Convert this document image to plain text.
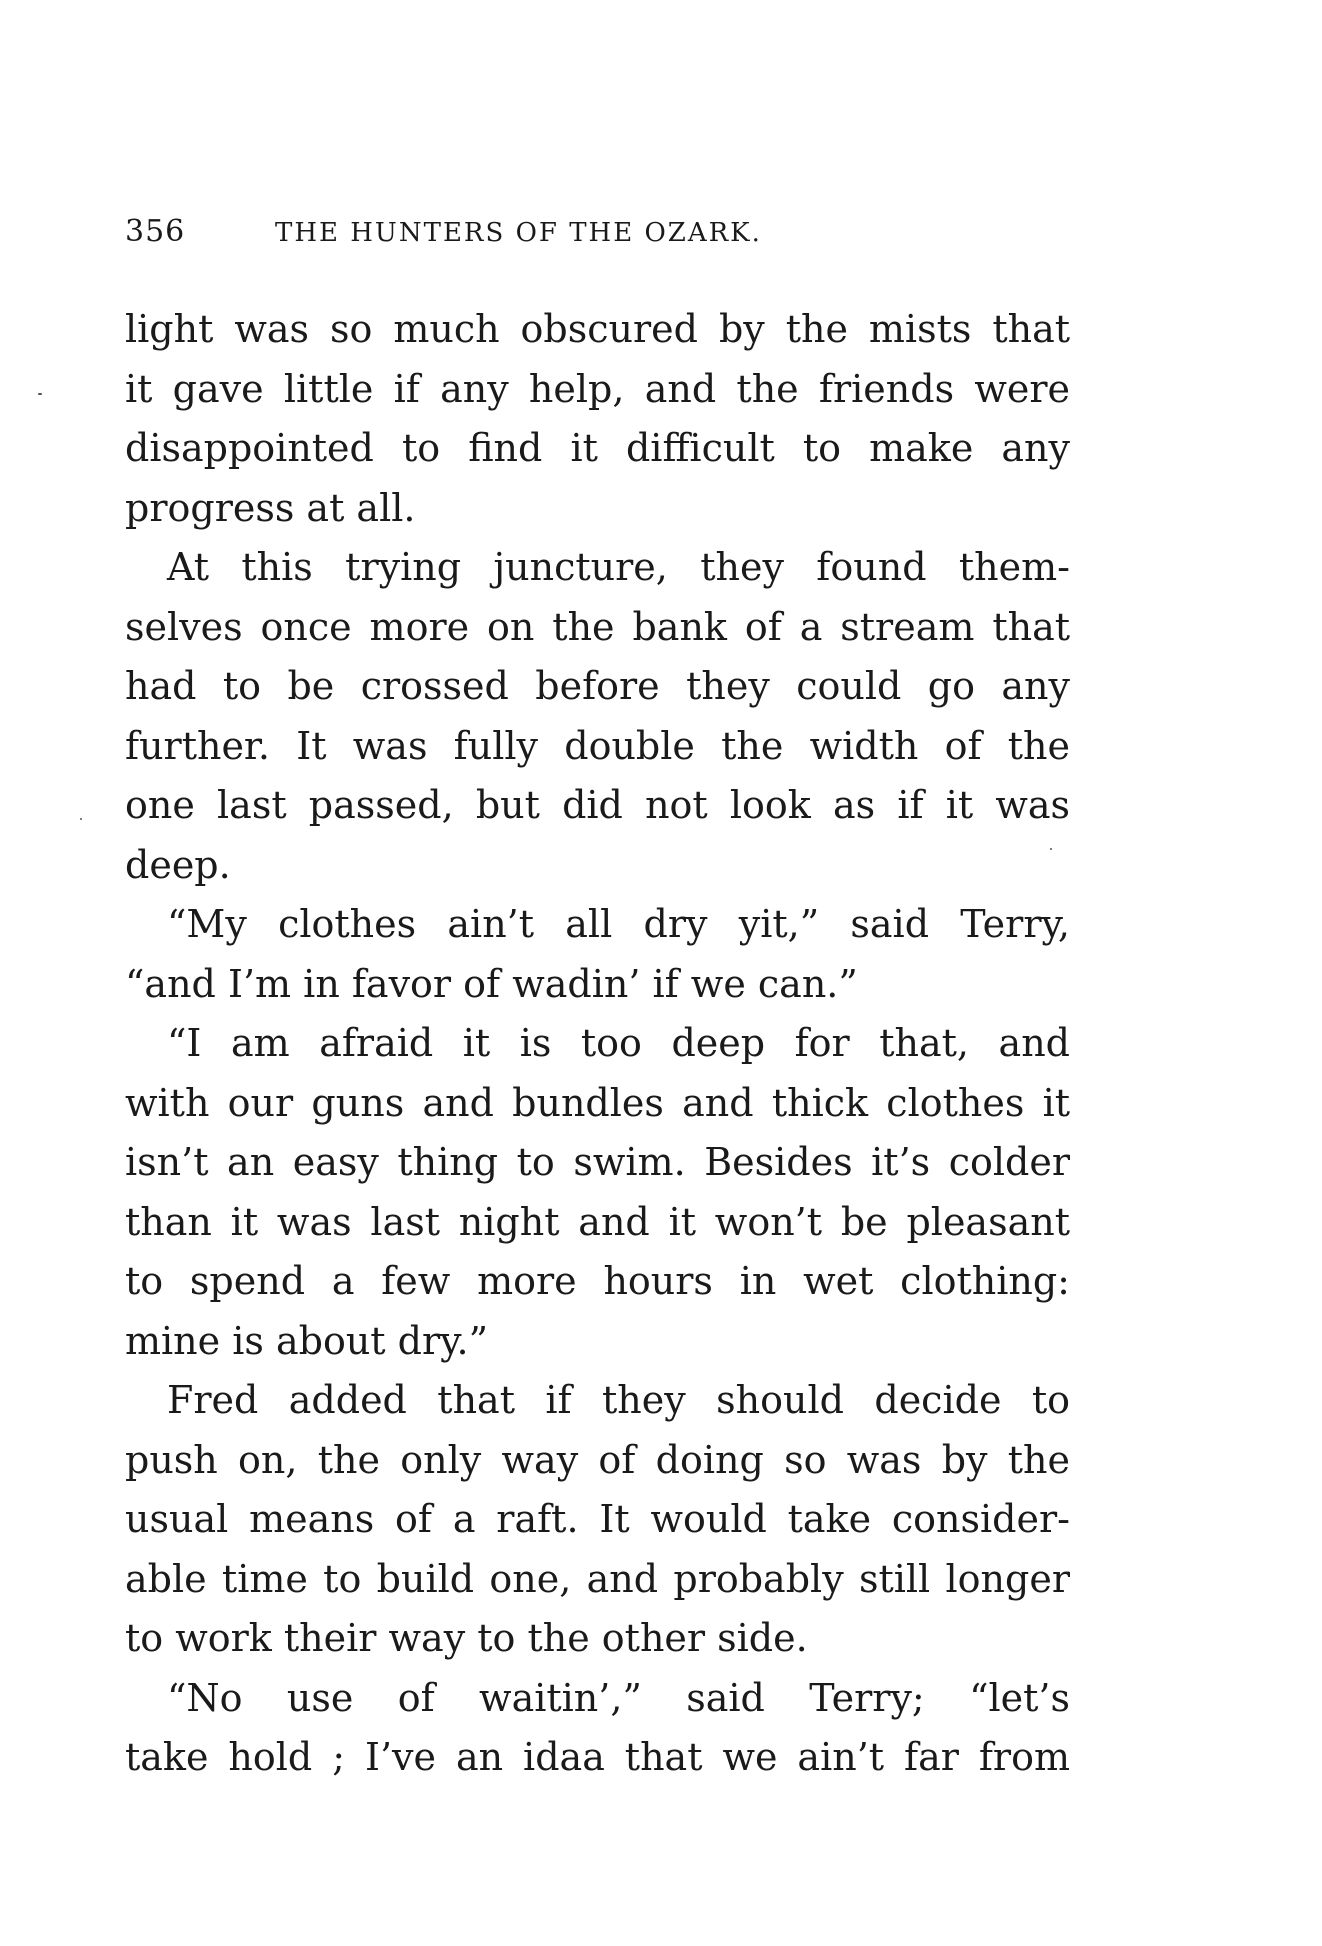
356	THE HUNTERS OF THE OZARK.
light was so much obscured by the mists that
it gave little if any help, and the friends were
disappointed to find it difficult to make any
progress at all.
At this trying juncture, they found them-
selves once more on the bank of a stream that
had to be crossed before they could go any
further. It was fully double the width of the
one last passed, but did not look as if it was
deep.
“My clothes ain’t all dry yit,” said Terry,
“and I’m in favor of wadin’ if we can.”
“I am afraid it is too deep for that, and
with our guns and bundles and thick clothes it
isn’t an easy thing to swim. Besides it’s colder
than it was last night and it won’t be pleasant
to spend a few more hours in wet clothing:
mine is about dry.”
Fred added that if they should decide to
push on, the only way of doing so was by the
usual means of a raft. It would take consider-
able time to build one, and probably still longer
to work their way to the other side.
“No use of waitin’,” said Terry; “let’s
take hold ; I’ve an idaa that we ain’t far from
